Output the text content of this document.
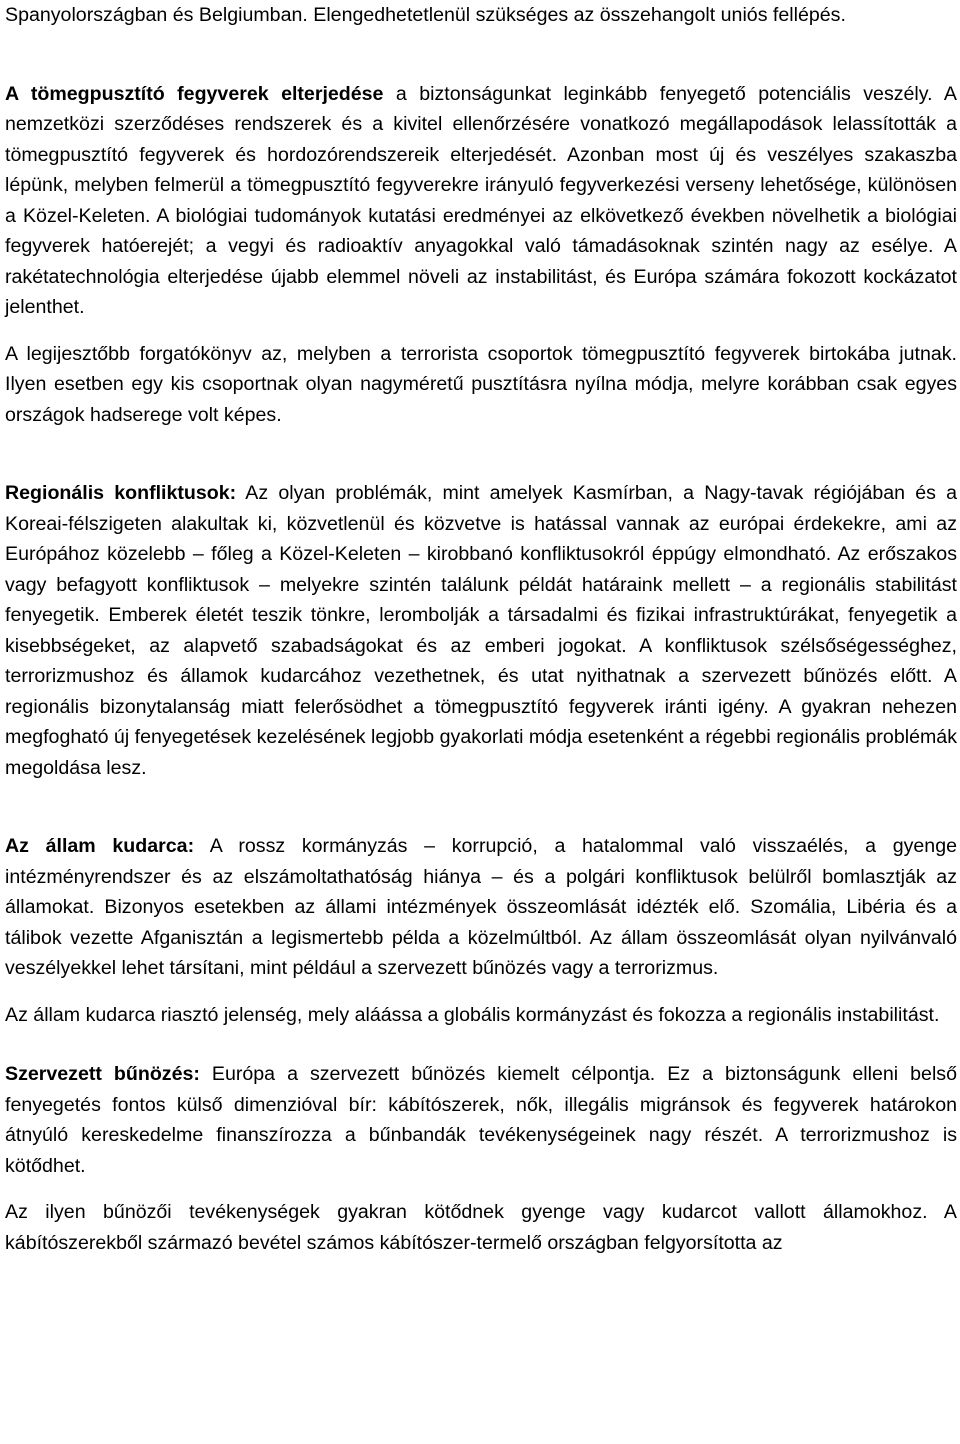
Spanyolországban és Belgiumban. Elengedhetetlenül szükséges az összehangolt uniós fellépés.

A tömegpusztító fegyverek elterjedése a biztonságunkat leginkább fenyegető potenciális veszély. A nemzetközi szerződéses rendszerek és a kivitel ellenőrzésére vonatkozó megállapodások lelassították a tömegpusztító fegyverek és hordozórendszereik elterjedését. Azonban most új és veszélyes szakaszba lépünk, melyben felmerül a tömegpusztító fegyverekre irányuló fegyverkezési verseny lehetősége, különösen a Közel-Keleten. A biológiai tudományok kutatási eredményei az elkövetkező években növelhetik a biológiai fegyverek hatóerejét; a vegyi és radioaktív anyagokkal való támadásoknak szintén nagy az esélye. A rakétatechnológia elterjedése újabb elemmel növeli az instabilitást, és Európa számára fokozott kockázatot jelenthet.

A legijesztőbb forgatókönyv az, melyben a terrorista csoportok tömegpusztító fegyverek birtokába jutnak. Ilyen esetben egy kis csoportnak olyan nagyméretű pusztításra nyílna módja, melyre korábban csak egyes országok hadserege volt képes.

Regionális konfliktusok: Az olyan problémák, mint amelyek Kasmírban, a Nagy-tavak régiójában és a Koreai-félszigeten alakultak ki, közvetlenül és közvetve is hatással vannak az európai érdekekre, ami az Európához közelebb – főleg a Közel-Keleten – kirobbanó konfliktusokról éppúgy elmondható. Az erőszakos vagy befagyott konfliktusok – melyekre szintén találunk példát határaink mellett – a regionális stabilitást fenyegetik. Emberek életét teszik tönkre, lerombolják a társadalmi és fizikai infrastruktúrákat, fenyegetik a kisebbségeket, az alapvető szabadságokat és az emberi jogokat. A konfliktusok szélsőségességhez, terrorizmushoz és államok kudarcához vezethetnek, és utat nyithatnak a szervezett bűnözés előtt. A regionális bizonytalanság miatt felerősödhet a tömegpusztító fegyverek iránti igény. A gyakran nehezen megfogható új fenyegetések kezelésének legjobb gyakorlati módja esetenként a régebbi regionális problémák megoldása lesz.

Az állam kudarca: A rossz kormányzás – korrupció, a hatalommal való visszaélés, a gyenge intézményrendszer és az elszámoltathatóság hiánya – és a polgári konfliktusok belülről bomlasztják az államokat. Bizonyos esetekben az állami intézmények összeomlását idézték elő. Szomália, Libéria és a tálibok vezette Afganisztán a legismertebb példa a közelmúltból. Az állam összeomlását olyan nyilvánvaló veszélyekkel lehet társítani, mint például a szervezett bűnözés vagy a terrorizmus.

Az állam kudarca riasztó jelenség, mely aláássa a globális kormányzást és fokozza a regionális instabilitást.

Szervezett bűnözés: Európa a szervezett bűnözés kiemelt célpontja. Ez a biztonságunk elleni belső fenyegetés fontos külső dimenzióval bír: kábítószerek, nők, illegális migránsok és fegyverek határokon átnyúló kereskedelme finanszírozza a bűnbandák tevékenységeinek nagy részét. A terrorizmushoz is kötődhet.

Az ilyen bűnözői tevékenységek gyakran kötődnek gyenge vagy kudarcot vallott államokhoz. A kábítószerekből származó bevétel számos kábítószer-termelő országban felgyorsította az
